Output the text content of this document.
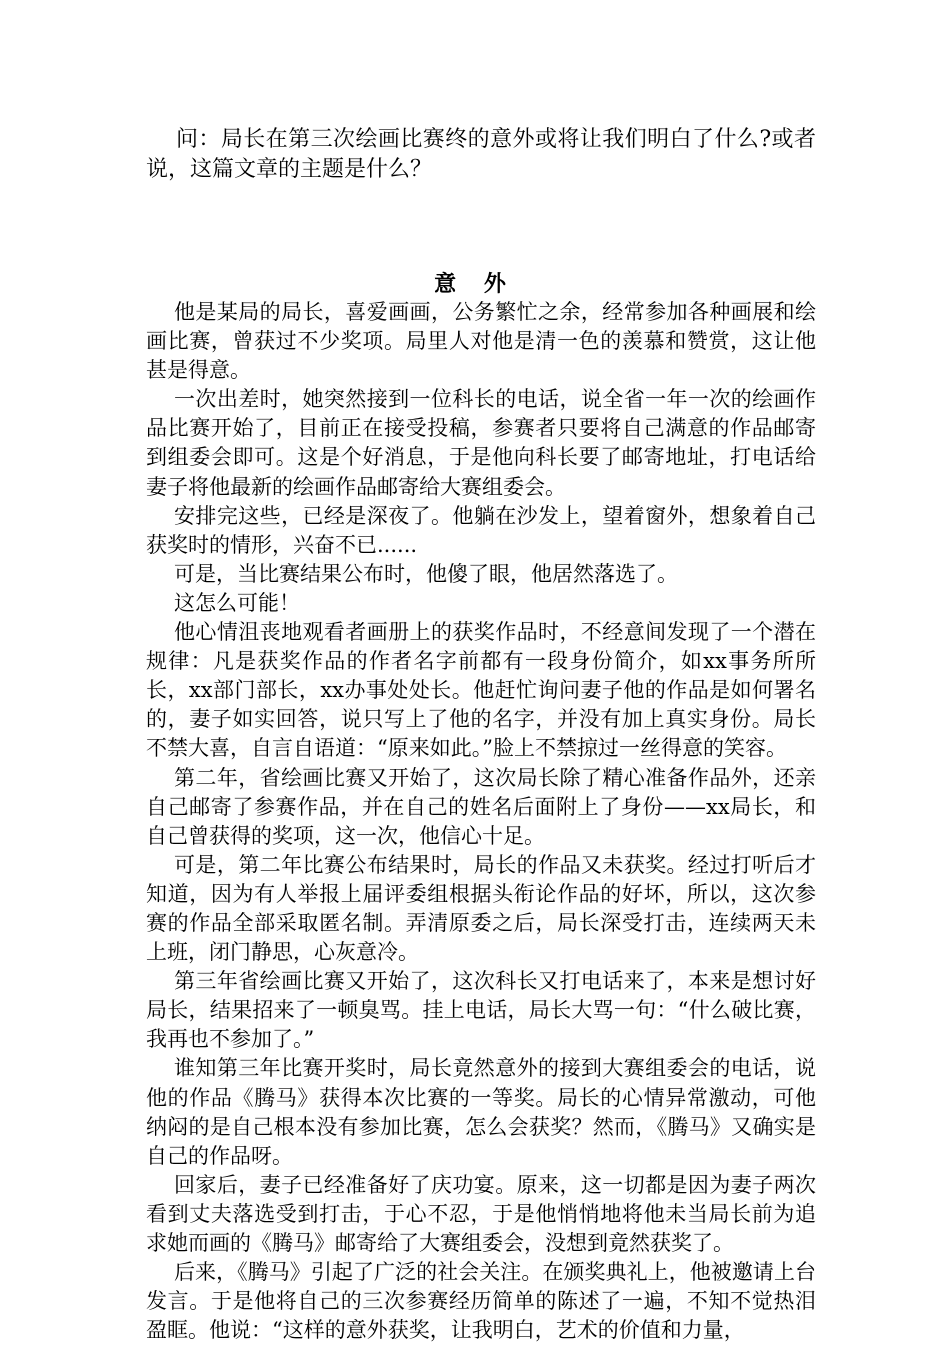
问：局长在第三次绘画比赛终的意外或将让我们明白了什么?或者说，这篇文章的主题是什么？

意 外

他是某局的局长，喜爱画画，公务繁忙之余，经常参加各种画展和绘画比赛，曾获过不少奖项。局里人对他是清一色的羡慕和赞赏，这让他甚是得意。

一次出差时，她突然接到一位科长的电话，说全省一年一次的绘画作品比赛开始了，目前正在接受投稿，参赛者只要将自己满意的作品邮寄到组委会即可。这是个好消息，于是他向科长要了邮寄地址，打电话给妻子将他最新的绘画作品邮寄给大赛组委会。

安排完这些，已经是深夜了。他躺在沙发上，望着窗外，想象着自己获奖时的情形，兴奋不已......

可是，当比赛结果公布时，他傻了眼，他居然落选了。

这怎么可能！

他心情沮丧地观看者画册上的获奖作品时，不经意间发现了一个潜在规律：凡是获奖作品的作者名字前都有一段身份简介，如xx事务所所长，xx部门部长，xx办事处处长。他赶忙询问妻子他的作品是如何署名的，妻子如实回答，说只写上了他的名字，并没有加上真实身份。局长不禁大喜，自言自语道：“原来如此。”脸上不禁掠过一丝得意的笑容。

第二年，省绘画比赛又开始了，这次局长除了精心准备作品外，还亲自己邮寄了参赛作品，并在自己的姓名后面附上了身份——xx局长，和自己曾获得的奖项，这一次，他信心十足。

可是，第二年比赛公布结果时，局长的作品又未获奖。经过打听后才知道，因为有人举报上届评委组根据头衔论作品的好坏，所以，这次参赛的作品全部采取匿名制。弄清原委之后，局长深受打击，连续两天未上班，闭门静思，心灰意冷。

第三年省绘画比赛又开始了，这次科长又打电话来了，本来是想讨好局长，结果招来了一顿臭骂。挂上电话，局长大骂一句：“什么破比赛，我再也不参加了。”

谁知第三年比赛开奖时，局长竟然意外的接到大赛组委会的电话，说他的作品《腾马》获得本次比赛的一等奖。局长的心情异常激动，可他纳闷的是自己根本没有参加比赛，怎么会获奖？然而，《腾马》又确实是自己的作品呀。

回家后，妻子已经准备好了庆功宴。原来，这一切都是因为妻子两次看到丈夫落选受到打击，于心不忍，于是他悄悄地将他未当局长前为追求她而画的《腾马》邮寄给了大赛组委会，没想到竟然获奖了。

后来，《腾马》引起了广泛的社会关注。在颁奖典礼上，他被邀请上台发言。于是他将自己的三次参赛经历简单的陈述了一遍，不知不觉热泪盈眶。他说：“这样的意外获奖，让我明白，艺术的价值和力量，
